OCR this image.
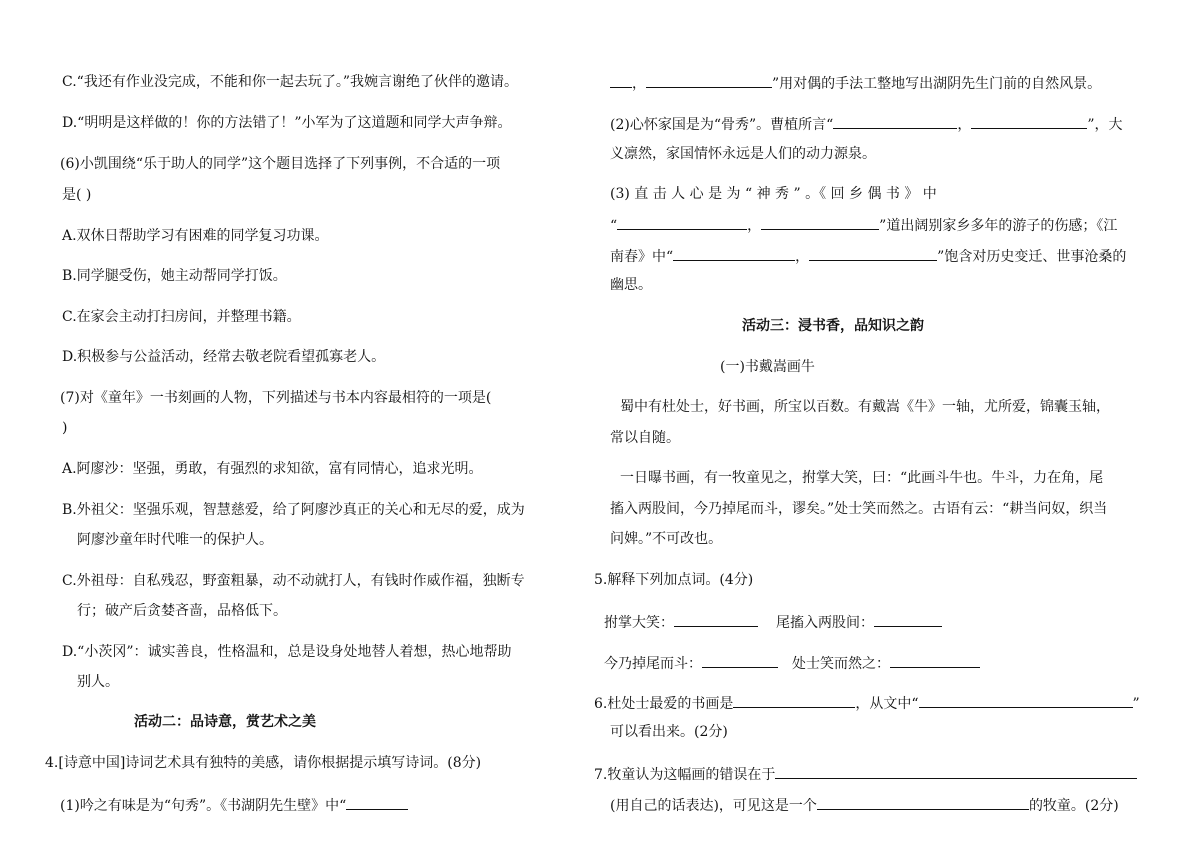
C.“我还有作业没完成，不能和你一起去玩了。”我婉言谢绝了伙伴的邀请。
D.“明明是这样做的！你的方法错了！”小军为了这道题和同学大声争辩。
(6)小凯围绕“乐于助人的同学”这个题目选择了下列事例，不合适的一项
是( )
A.双休日帮助学习有困难的同学复习功课。
B.同学腿受伤，她主动帮同学打饭。
C.在家会主动打扫房间，并整理书籍。
D.积极参与公益活动，经常去敬老院看望孤寡老人。
(7)对《童年》一书刻画的人物，下列描述与书本内容最相符的一项是(
)
A.阿廖沙：坚强，勇敢，有强烈的求知欲，富有同情心，追求光明。
B.外祖父：坚强乐观，智慧慈爱，给了阿廖沙真正的关心和无尽的爱，成为
阿廖沙童年时代唯一的保护人。
C.外祖母：自私残忍，野蛮粗暴，动不动就打人，有钱时作威作福，独断专
行；破产后贪婪吝啬，品格低下。
D.“小茨冈”：诚实善良，性格温和，总是设身处地替人着想，热心地帮助
别人。
活动二：品诗意，赏艺术之美
4.[诗意中国]诗词艺术具有独特的美感，请你根据提示填写诗词。(8分)
(1)吟之有味是为“句秀”。《书湖阴先生壁》中“
，	”用对偶的手法工整地写出湖阴先生门前的自然风景。
(2)心怀家国是为“骨秀”。曹植所言“	，	”，大
义凛然，家国情怀永远是人们的动力源泉。
(3) 直 击 人 心 是 为 “ 神 秀 ” 。《 回 乡 偶 书 》 中
“	，	”道出阔别家乡多年的游子的伤感；《江
南春》中“	，	”饱含对历史变迁、世事沧桑的
幽思。
活动三：浸书香，品知识之韵
(一)书戴嵩画牛
蜀中有杜处士，好书画，所宝以百数。有戴嵩《牛》一轴，尤所爱，锦囊玉轴，
常以自随。
一日曝书画，有一牧童见之，拊掌大笑，曰：“此画斗牛也。牛斗，力在角，尾
搐入两股间，今乃掉尾而斗，谬矣。”处士笑而然之。古语有云：“耕当问奴，织当
问婢。”不可改也。
5.解释下列加点词。(4分)
拊掌大笑：	尾搐入两股间：
今乃掉尾而斗：	处士笑而然之：
6.杜处士最爱的书画是	，从文中“	”
可以看出来。(2分)
7.牧童认为这幅画的错误在于
(用自己的话表达)，可见这是一个	的牧童。(2分)
